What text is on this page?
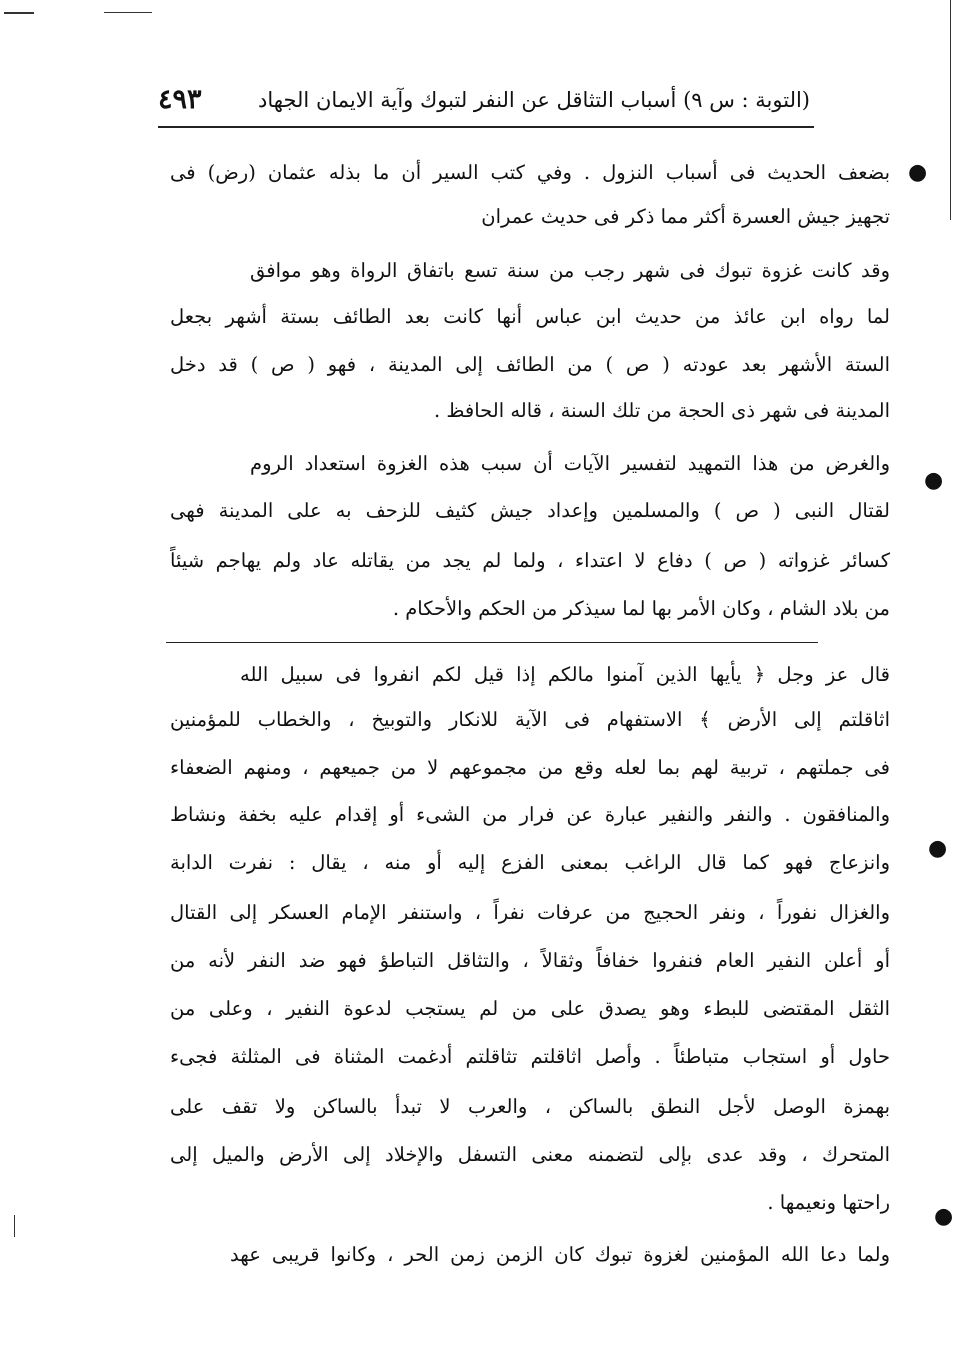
(التوبة : س ٩) أسباب التثاقل عن النفر لتبوك وآية الايمان الجهاد
٤٩٣
بضعف الحديث فى أسباب النزول . وفي كتب السير أن ما بذله عثمان (رض) فى
تجهيز جيش العسرة أكثر مما ذكر فى حديث عمران
وقد كانت غزوة تبوك فى شهر رجب من سنة تسع باتفاق الرواة وهو موافق
لما رواه ابن عائذ من حديث ابن عباس أنها كانت بعد الطائف بستة أشهر بجعل
الستة الأشهر بعد عودته ( ص ) من الطائف إلى المدينة ، فهو ( ص ) قد دخل
المدينة فى شهر ذى الحجة من تلك السنة ، قاله الحافظ .
والغرض من هذا التمهيد لتفسير الآيات أن سبب هذه الغزوة استعداد الروم
لقتال النبى ( ص ) والمسلمين وإعداد جيش كثيف للزحف به على المدينة فهى
كسائر غزواته ( ص ) دفاع لا اعتداء ، ولما لم يجد من يقاتله عاد ولم يهاجم شيئاً
من بلاد الشام ، وكان الأمر بها لما سيذكر من الحكم والأحكام .
قال عز وجل ﴿ يأيها الذين آمنوا مالكم إذا قيل لكم انفروا فى سبيل الله
اثاقلتم إلى الأرض ﴾ الاستفهام فى الآية للانكار والتوبيخ ، والخطاب للمؤمنين
فى جملتهم ، تربية لهم بما لعله وقع من مجموعهم لا من جميعهم ، ومنهم الضعفاء
والمنافقون . والنفر والنفير عبارة عن فرار من الشىء أو إقدام عليه بخفة ونشاط
وانزعاج فهو كما قال الراغب بمعنى الفزع إليه أو منه ، يقال : نفرت الدابة
والغزال نفوراً ، ونفر الحجيج من عرفات نفراً ، واستنفر الإمام العسكر إلى القتال
أو أعلن النفير العام فنفروا خفافاً وثقالاً ، والتثاقل التباطؤ فهو ضد النفر لأنه من
الثقل المقتضى للبطء وهو يصدق على من لم يستجب لدعوة النفير ، وعلى من
حاول أو استجاب متباطئاً . وأصل اثاقلتم تثاقلتم أدغمت المثناة فى المثلثة فجىء
بهمزة الوصل لأجل النطق بالساكن ، والعرب لا تبدأ بالساكن ولا تقف على
المتحرك ، وقد عدى بإلى لتضمنه معنى التسفل والإخلاد إلى الأرض والميل إلى
راحتها ونعيمها .
ولما دعا الله المؤمنين لغزوة تبوك كان الزمن زمن الحر ، وكانوا قريبى عهد
●
●
●
●
